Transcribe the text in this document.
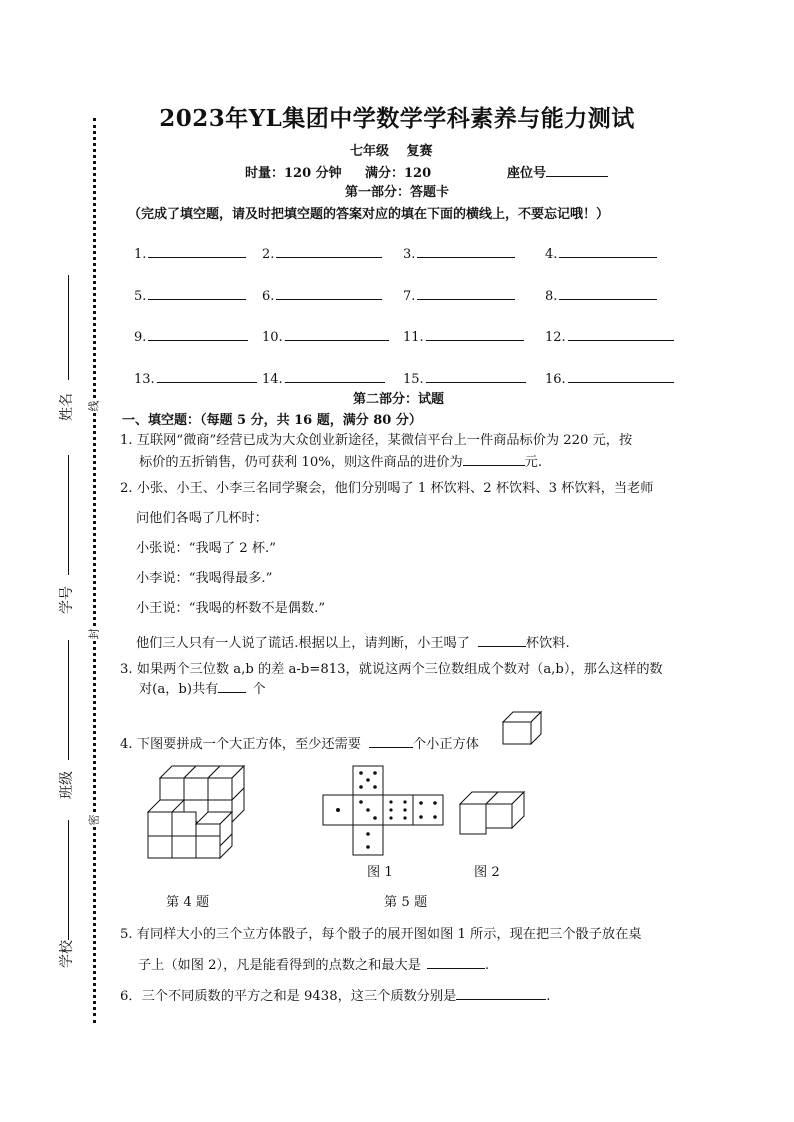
线
封
密
姓名
学号
班级
学校
2023年YL集团中学数学学科素养与能力测试
七年级　 复赛
时量：120 分钟 满分：120	座位号
第一部分：答题卡
（完成了填空题，请及时把填空题的答案对应的填在下面的横线上，不要忘记哦！）
1.	2.	3.	4.
5.	6.	7.	8.
9.	10.	11.	12.
13.	14.	15.	16.
第二部分：试题
一、填空题：（每题 5 分，共 16 题，满分 80 分）
1. 互联网“微商”经营已成为大众创业新途径，某微信平台上一件商品标价为 220 元，按
标价的五折销售，仍可获利 10%，则这件商品的进价为	元.
2. 小张、小王、小李三名同学聚会，他们分别喝了 1 杯饮料、2 杯饮料、3 杯饮料，当老师
问他们各喝了几杯时：
小张说：“我喝了 2 杯.”
小李说：“我喝得最多.”
小王说：“我喝的杯数不是偶数.”
他们三人只有一人说了谎话.根据以上，请判断，小王喝了	杯饮料.
3. 如果两个三位数 a,b 的差 a-b=813，就说这两个三位数组成个数对（a,b），那么这样的数
对(a，b)共有	个
4. 下图要拼成一个大正方体，至少还需要	个小正方体
图 1	图 2
第 4 题	第 5 题
5. 有同样大小的三个立方体骰子，每个骰子的展开图如图 1 所示，现在把三个骰子放在桌
子上（如图 2），凡是能看得到的点数之和最大是	.
6．三个不同质数的平方之和是 9438，这三个质数分别是	.
